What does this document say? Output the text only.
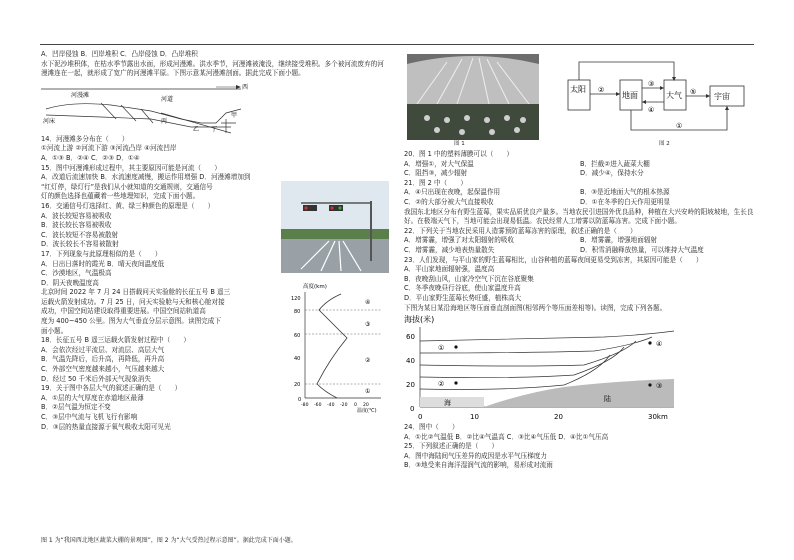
A．凹岸侵蚀 B．凹岸堆积 C．凸岸侵蚀 D．凸岸堆积
水下泥沙堆积体，在枯水季节露出水面，形成河漫滩。洪水季节，河漫滩被淹没，继续接受堆积。多个被河流废弃的河漫滩连在一起，就形成了宽广的河漫滩平原。下图示意某河漫滩剖面。据此完成下面小题。
西
河漫滩
河道
河床	丙
丁
甲
乙
14．河漫滩多分布在（　　）
①河流上游 ②河流下游 ③河流凸岸 ④河流凹岸
A．①③ B．②④ C．②③ D．①④
15．图中河漫滩形成过程中，其主要原因可能是河流（　　）
A．改道后流速加快 B．水流速度减慢，搬运作用增强 D．河漫滩增加到
“红灯停，绿灯行”是我们从小就知道的交通规则，交通信号
灯的颜色选择也蕴藏着一些地理知识，完成下面小题。
16．交通信号灯选择红、黄、绿三种颜色的原理是（　　）
A．波长较短容易被吸收
B．波长较长容易被吸收
C．波长较短不容易被散射
D．波长较长不容易被散射
17．下列现象与此原理相似的是（　　）
A．日出日落时的霞光 B．晴天夜间温度低
C．沙漠地区，气温极高
D．阴天夜晚温度高
北京时间 2022 年 7 月 24 日搭载问天实验舱的长征五号 B 遥三
运载火箭发射成功。7 月 25 日，问天实验舱与天和核心舱对接
成功，中国空间站建设取得重要进展。中国空间站轨道高
度为 400~450 公里。图为大气垂直分层示意图。读图完成下
面小题。
18．长征五号 B 遥三运载火箭发射过程中（　　）
A．会依次经过平流层、对流层、高层大气
B．气温先降后，后升高，再降低，再升高
C．外部空气密度越来越小，气压越来越大
D．经过 50 千米后外部天气现象消失
19．关于图中各层大气的叙述正确的是（　　）
A．①层的大气厚度在赤道地区最薄
B．②层气温为恒定不变
C．③层中气流与飞机飞行有影响
D．③层的热量直接源于氧气吸收太阳可见光
高度(km)
120
80
60
40
20
0
-80 -60 -40 -20 0 20
温度(℃)
④
③
②
①
图 1 为“我国西北地区蔬菜大棚的景观图”，图 2 为“大气受热过程示意图”。据此完成下面小题。
图 1
太阳
地面	大气	宇宙
②
③
④
⑤
①
图 2
20．图 1 中的塑料薄膜可以（　　）
A．增强①，对大气保温	B．拦截②进入蔬菜大棚
C．阻挡③，减少辐射	D．减少④，保持水分
21．图 2 中（　　）
A．④只出现在夜晚，起保温作用	B．③是近地面大气的根本热源
C．②的大部分被大气直接吸收	D．①在冬季的白天作用更明显
我国东北地区分布有野生蓝莓，果实品质优良产量多。当地农民引进国外优良品种，种植在大兴安岭的阳坡坡地，生长良好。在极端天气下，当地可能会出现易低温。农民经常人工增雾以防蓝莓冻害。完成下面小题。
22．下列关于当地农民采用人造雾预防蓝莓冻害的原理，叙述正确的是（　　）
A．增雾霾，增强了对太阳辐射的吸收	B．增雾霾，增强地面辐射
C．增雾霾，减少地表热量散失	D．积雪消融释放热量，可以维持大气温度
23．人们发现，与平山家的野生蓝莓相比，山谷种植的蓝莓夜间更易受到冻害，其原因可能是（　　）
A．平山家地面辐射强，温度高
B．夜晚刮山风，山家冷空气下沉在谷底聚集
C．冬季夜晚昼行谷底，使山家温度升高
D．平山家野生蓝莓长势旺盛，植株高大
下图为某日某沿海地区等压面垂直剖面图(相邻两个等压面差相等)。读图，完成下列各题。
海拔(米)
60
40
20
0
0	10	20	30km
海	陆
①
②	③
④
24．图中（　　）
A．①比②气温低 B．②比④气温高 C．③比④气压低 D．④比①气压高
25．下列叙述正确的是（　　）
A．图中海陆间气压差异的成因是水平气压梯度力
B．③地受来自海洋湿润气流的影响，易形成对流雨
